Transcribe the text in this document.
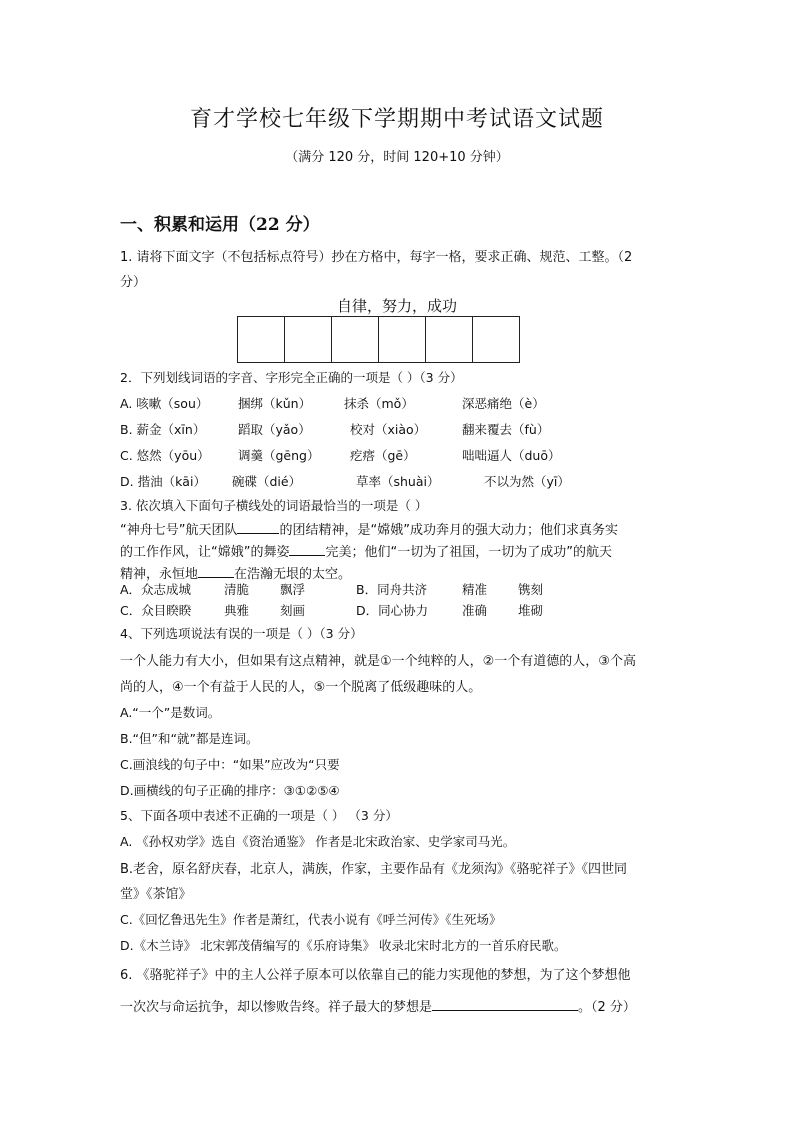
育才学校七年级下学期期中考试语文试题
（满分 120 分，时间 120+10 分钟）
一、积累和运用（22 分）
1. 请将下面文字（不包括标点符号）抄在方格中，每字一格，要求正确、规范、工整。（2
分）
自律，努力，成功
2．下列划线词语的字音、字形完全正确的一项是（ ）（3 分）
A. 咳嗽（sou） 捆绑（kǔn）	抹杀（mǒ）	深恶痛绝（è）
B. 薪金（xīn）	蹈取（yǎo）	校对（xiào）	翻来覆去（fù）
C. 悠然（yōu） 调羹（gēng） 疙瘩（gē）	咄咄逼人（duō）
D. 揩油（kāi） 碗碟（dié）	草率（shuài）	不以为然（yī）
3. 依次填入下面句子横线处的词语最恰当的一项是（ ）
“神舟七号”航天团队	的团结精神，是“嫦娥”成功奔月的强大动力；他们求真务实
的工作作风，让“嫦娥”的舞姿	完美；他们“一切为了祖国，一切为了成功”的航天
精神，永恒地	在浩瀚无垠的太空。
A．众志成城	清脆 飘浮	B．同舟共济	精准 镌刻
C．众目睽睽	典雅 刻画	D．同心协力	准确 堆砌
4、下列选项说法有误的一项是（ ）（3 分）
一个人能力有大小，但如果有这点精神，就是①一个纯粹的人，②一个有道德的人，③个高
尚的人，④一个有益于人民的人，⑤一个脱离了低级趣味的人。
A.“一个”是数词。
B.“但”和“就”都是连词。
C.画浪线的句子中：“如果”应改为“只要
D.画横线的句子正确的排序：③①②⑤④
5、下面各项中表述不正确的一项是（ ） （3 分）
A. 《孙权劝学》选自《资治通鉴》 作者是北宋政治家、史学家司马光。
B.老舍，原名舒庆春，北京人，满族，作家，主要作品有《龙须沟》《骆驼祥子》《四世同
堂》《茶馆》
C.《回忆鲁迅先生》作者是萧红，代表小说有《呼兰河传》《生死场》
D.《木兰诗》 北宋郭茂倩编写的《乐府诗集》 收录北宋时北方的一首乐府民歌。
6. 《骆驼祥子》中的主人公祥子原本可以依靠自己的能力实现他的梦想，为了这个梦想他
一次次与命运抗争，却以惨败告终。祥子最大的梦想是	。（2 分）
